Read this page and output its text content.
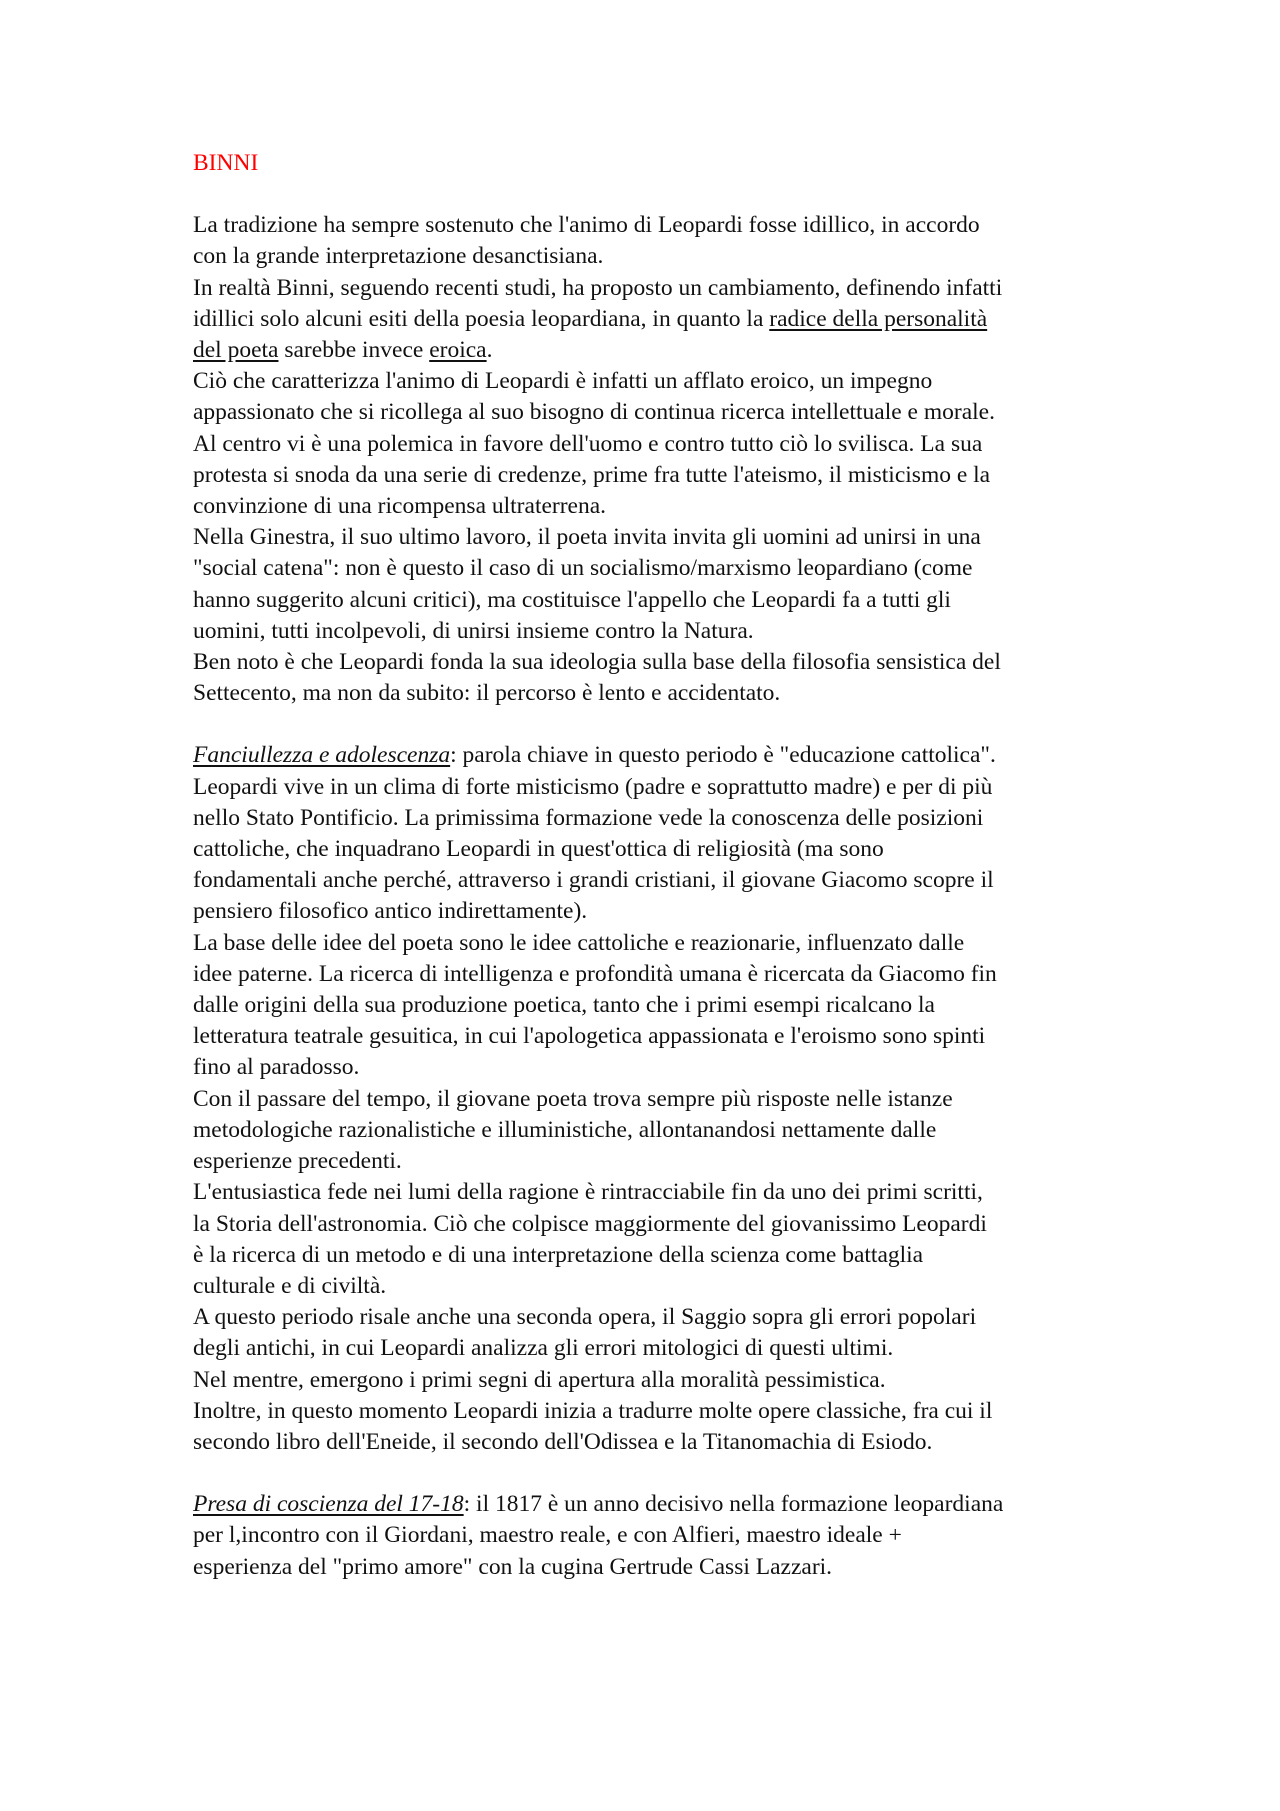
BINNI

La tradizione ha sempre sostenuto che l'animo di Leopardi fosse idillico, in accordo

con la grande interpretazione desanctisiana.

In realtà Binni, seguendo recenti studi, ha proposto un cambiamento, definendo infatti

idillici solo alcuni esiti della poesia leopardiana, in quanto la radice della personalità

del poeta sarebbe invece eroica.

Ciò che caratterizza l'animo di Leopardi è infatti un afflato eroico, un impegno

appassionato che si ricollega al suo bisogno di continua ricerca intellettuale e morale.

Al centro vi è una polemica in favore dell'uomo e contro tutto ciò lo svilisca. La sua

protesta si snoda da una serie di credenze, prime fra tutte l'ateismo, il misticismo e la

convinzione di una ricompensa ultraterrena.

Nella Ginestra, il suo ultimo lavoro, il poeta invita invita gli uomini ad unirsi in una

"social catena": non è questo il caso di un socialismo/marxismo leopardiano (come

hanno suggerito alcuni critici), ma costituisce l'appello che Leopardi fa a tutti gli

uomini, tutti incolpevoli, di unirsi insieme contro la Natura.

Ben noto è che Leopardi fonda la sua ideologia sulla base della filosofia sensistica del

Settecento, ma non da subito: il percorso è lento e accidentato.

Fanciullezza e adolescenza: parola chiave in questo periodo è "educazione cattolica".

Leopardi vive in un clima di forte misticismo (padre e soprattutto madre) e per di più

nello Stato Pontificio. La primissima formazione vede la conoscenza delle posizioni

cattoliche, che inquadrano Leopardi in quest'ottica di religiosità (ma sono

fondamentali anche perché, attraverso i grandi cristiani, il giovane Giacomo scopre il

pensiero filosofico antico indirettamente).

La base delle idee del poeta sono le idee cattoliche e reazionarie, influenzato dalle

idee paterne. La ricerca di intelligenza e profondità umana è ricercata da Giacomo fin

dalle origini della sua produzione poetica, tanto che i primi esempi ricalcano la

letteratura teatrale gesuitica, in cui l'apologetica appassionata e l'eroismo sono spinti

fino al paradosso.

Con il passare del tempo, il giovane poeta trova sempre più risposte nelle istanze

metodologiche razionalistiche e illuministiche, allontanandosi nettamente dalle

esperienze precedenti.

L'entusiastica fede nei lumi della ragione è rintracciabile fin da uno dei primi scritti,

la Storia dell'astronomia. Ciò che colpisce maggiormente del giovanissimo Leopardi

è la ricerca di un metodo e di una interpretazione della scienza come battaglia

culturale e di civiltà.

A questo periodo risale anche una seconda opera, il Saggio sopra gli errori popolari

degli antichi, in cui Leopardi analizza gli errori mitologici di questi ultimi.

Nel mentre, emergono i primi segni di apertura alla moralità pessimistica.

Inoltre, in questo momento Leopardi inizia a tradurre molte opere classiche, fra cui il

secondo libro dell'Eneide, il secondo dell'Odissea e la Titanomachia di Esiodo.

Presa di coscienza del 17-18: il 1817 è un anno decisivo nella formazione leopardiana

per l,incontro con il Giordani, maestro reale, e con Alfieri, maestro ideale +

esperienza del "primo amore" con la cugina Gertrude Cassi Lazzari.
